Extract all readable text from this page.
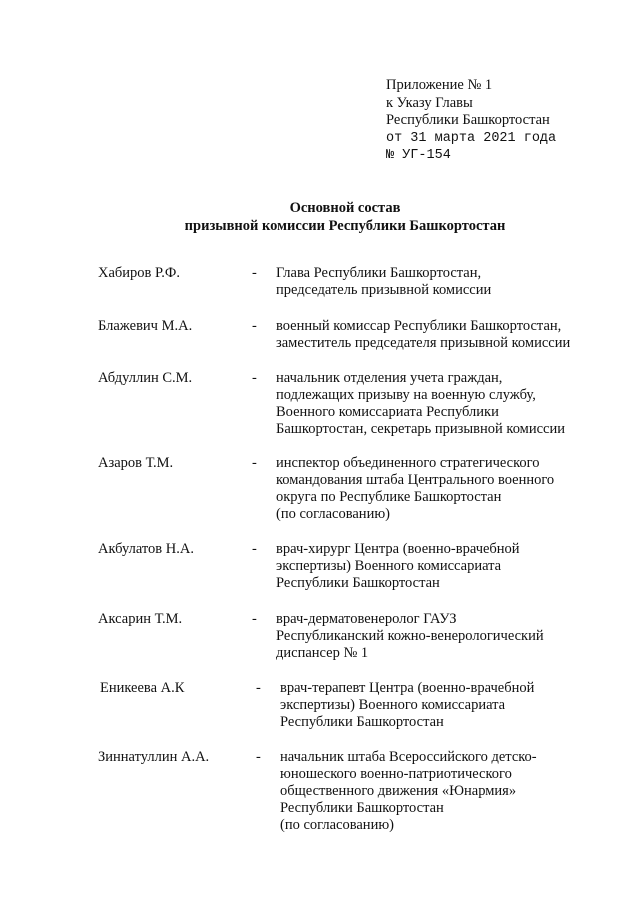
Приложение № 1
к Указу Главы
Республики Башкортостан
от 31 марта 2021 года
№ УГ-154
Основной состав
призывной комиссии Республики Башкортостан
Хабиров Р.Ф.	- Глава Республики Башкортостан,
председатель призывной комиссии
Блажевич М.А.	- военный комиссар Республики Башкортостан,
заместитель председателя призывной комиссии
Абдуллин С.М.	- начальник отделения учета граждан,
подлежащих призыву на военную службу,
Военного комиссариата Республики
Башкортостан, секретарь призывной комиссии
Азаров Т.М.	- инспектор объединенного стратегического
командования штаба Центрального военного
округа по Республике Башкортостан
(по согласованию)
Акбулатов Н.А.	- врач-хирург Центра (военно-врачебной
экспертизы) Военного комиссариата
Республики Башкортостан
Аксарин Т.М.	- врач-дерматовенеролог ГАУЗ
Республиканский кожно-венерологический
диспансер № 1
Еникеева А.К	- врач-терапевт Центра (военно-врачебной
экспертизы) Военного комиссариата
Республики Башкортостан
Зиннатуллин А.А.	- начальник штаба Всероссийского детско-
юношеского военно-патриотического
общественного движения «Юнармия»
Республики Башкортостан
(по согласованию)
